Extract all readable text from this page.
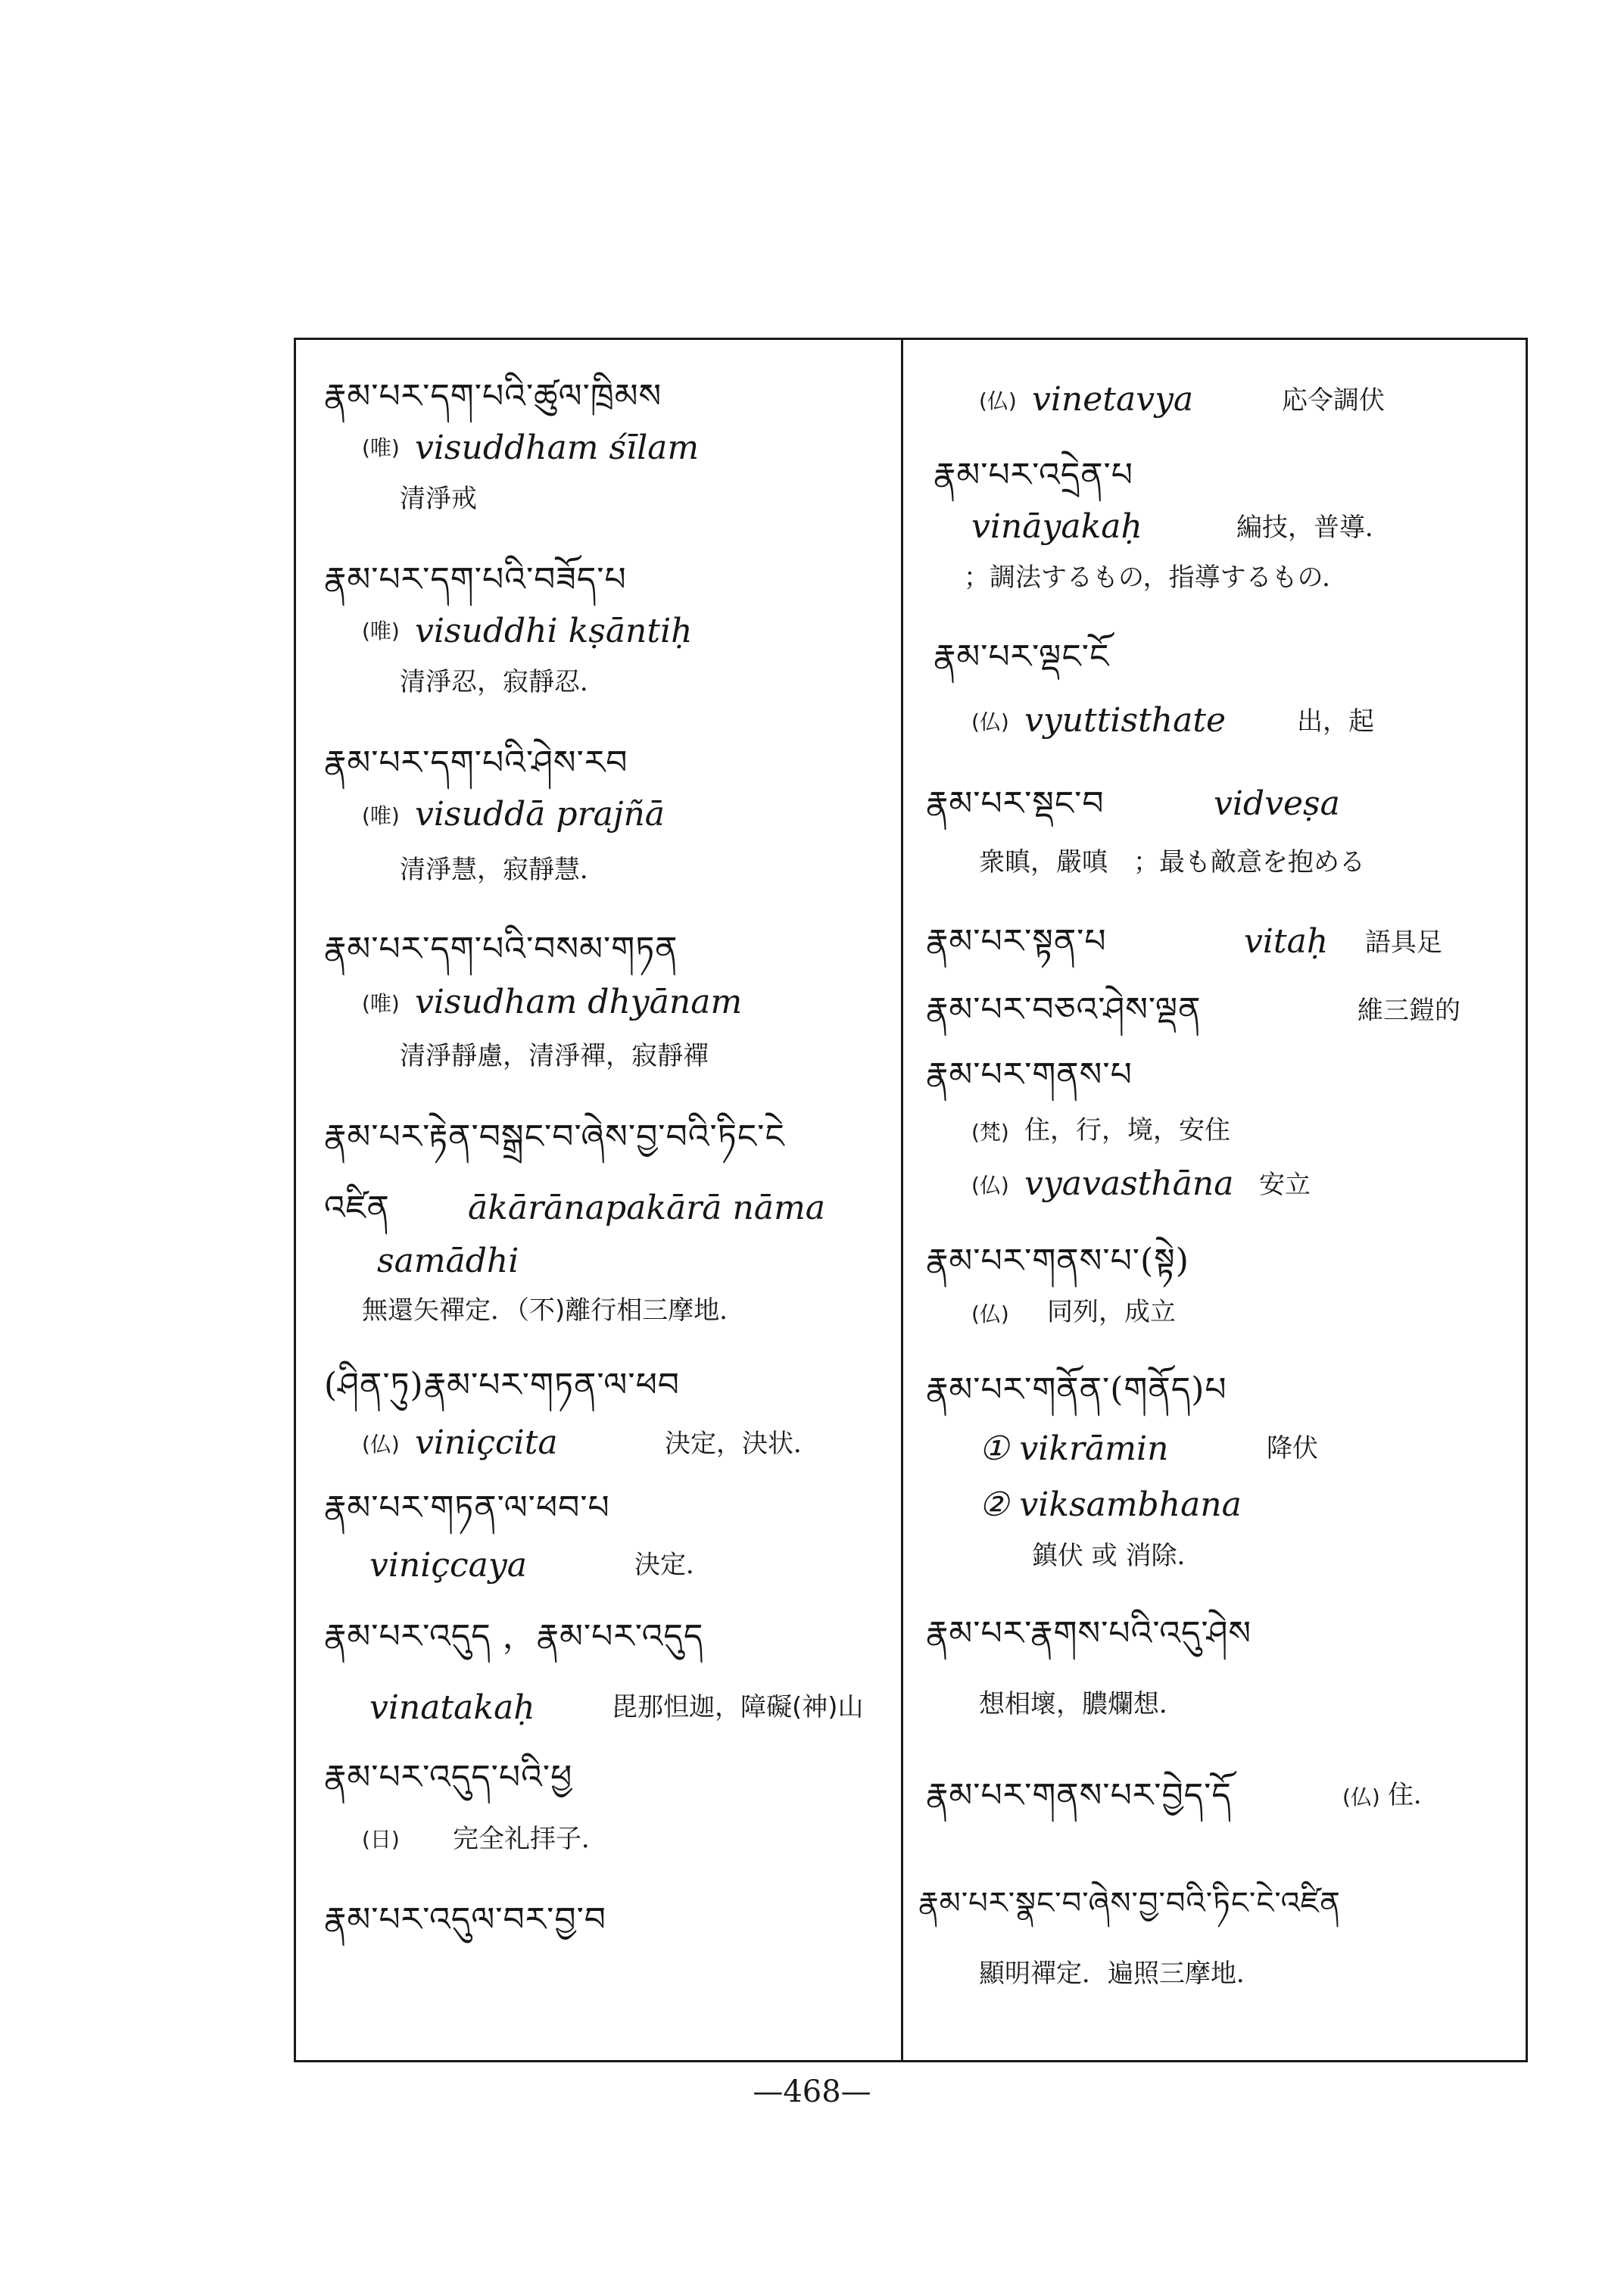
རྣམ་པར་དག་པའི་ཚུལ་ཁྲིམས
(唯) visuddham śīlam
清淨戒
རྣམ་པར་དག་པའི་བཟོད་པ
(唯) visuddhi kṣāntiḥ
清淨忍，寂靜忍．
རྣམ་པར་དག་པའི་ཤེས་རབ
(唯) visuddā prajñā
清淨慧，寂靜慧．
རྣམ་པར་དག་པའི་བསམ་གཏན
(唯) visudham dhyānam
清淨靜慮，清淨禪，寂靜禪
རྣམ་པར་རྟེན་བསྒྲང་བ་ཞེས་བྱ་བའི་ཏིང་ངེ
འཛིན ākārānapakārā nāma
samādhi
無還矢禪定．（不)離行相三摩地．
(ཤིན་ཏུ)རྣམ་པར་གཏན་ལ་ཕབ
(仏) viniçcita	決定，決状．
རྣམ་པར་གཏན་ལ་ཕབ་པ
viniçcaya	決定．
རྣམ་པར་འདུད ，རྣམ་པར་འདུད
vinatakaḥ	毘那怛迦，障礙(神)山
རྣམ་པར་འདུད་པའི་ཕྱ
(日) 完全礼拝子．
རྣམ་པར་འདུལ་བར་བྱ་བ
(仏) vinetavya	応令調伏
རྣམ་པར་འདྲེན་པ
vināyakaḥ	編技，普導．
；調法するもの，指導するもの．
རྣམ་པར་ལྡང་ངོ
(仏) vyuttisthate	出，起
རྣམ་པར་སྡང་བ	vidveṣa
衆瞋，嚴嗔　；最も敵意を抱める
རྣམ་པར་སྟན་པ	vitaḥ 語具足
རྣམ་པར་བཅའ་ཤེས་ལྡན	維三鎧的
རྣམ་པར་གནས་པ
(梵) 住，行，境，安住
(仏) vyavasthāna 安立
རྣམ་པར་གནས་པ་(སྟེ)
(仏) 同列，成立
རྣམ་པར་གནོན་(གནོད)པ
① vikrāmin	降伏
② viksambhana
鎮伏 或 消除．
རྣམ་པར་རྣགས་པའི་འདུ་ཤེས
想相壞，膿爛想．
རྣམ་པར་གནས་པར་བྱེད་དོ	(仏) 住．
རྣམ་པར་སྣང་བ་ཞེས་བྱ་བའི་ཏིང་ངེ་འཛིན
顯明禪定．遍照三摩地．
—468—
